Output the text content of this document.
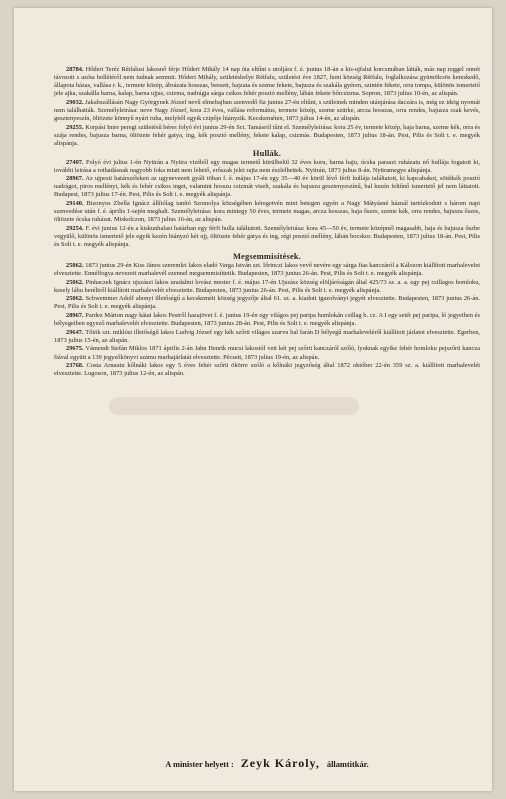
28784. Hőderi Teréz Rétfalusi lakosnő férje Hőderi Mihály 14 nap óta eltűnt s utoljára f. é. junius 18-án a kis-ujfalui korcsmában látták, más nap reggel onnét távozott s azóta hollétéről nem tudnak semmit. Hőderi Mihály, születéshelye Rétfalu, születési éve 1827, honi község Rétfalu, foglalkozása gyümölcsös kereskedő, állapota házas, vallása r. k., termete közép, ábrázata hosszas, beesett, hajzata és szeme fekete, bajusza és szakála gyéren, szintén fekete, orra tompa, különös ismertető jele ajka, szakálla barna, kalap, barna ujjas, csizma, nadrágja sárga csikos fehér posztó mellény, lábán fekete bőrcsizma. Sopron, 1873 julius 10-én, az alispán.

29032. Jakabszállásán Nagy Györgynek József nevű elmebajban szenvedő fia junius 27-én eltűnt, s szüleinek minden utánjárása daczára is, még ez ideig nyomát nem találhatták. Személyleirása: neve Nagy József, kora 23 éves, vallása református, termete közép, szeme szürke, arcza hosszas, orra rendes, bajusza csak kevés, gesztenyeszín, öltözete könnyű nyári ruha, melyből egyik czipője hiányzik. Kecskeméten, 1873 julius 14-én, az alispán.

29255. Korpási Imre peregi születésű béres folyó évi junius 29-én Sct. Tamásról tűnt el. Személyleírása: kora 25 év, termete közép, haja barna, szeme kék, orra és szája rendes, bajusza barna, öltözete fehér gatya, ing, kék posztó mellény, fekete kalap, csizmás. Budapesten, 1873 julius 18-án. Pest, Pilis és Solt t. e. megyék alispánja.

Hullák.

27407. Folyó évi julius 1-én Nyitrán a Nyitra vizéből egy magas termetű körülbelül 32 éves koru, barna haju, ócska paraszt ruházatu nő hullája fogatott ki, további leirása a rothadásnak nagyobb foka miatt nem lehető, erőszak jelei rajta nem észlelhettek. Nyitrán, 1873 julius 8-án. Nyitramegye alispánja.

28967. Az ujpesti határszéleken az ugynevezett gyáli töban f. é. május 17-én egy 35—40 év körül lévő férfi hullája találtatott, ki kapcabakot, sötétkék posztó nadrágot, piros mellényt, kék és fehér csikos inget, valamint hosszu csizmát viselt, szakála és bajusza gesztenyeszínű, bal kezén feltűnő ismertető jel nem láttatott. Budapest, 1873 julius 17-én. Pest, Pilis és Solt t. e. megyék alispánja.

29140. Bizonyos Zbella Ignácz állítólag tanító Szomolya községében kéregetvén mint betegen egyén a Nagy Mátyásné háznál tartózkodott s három napi szenvedése után f. é. április 1-sején meghalt. Személyleirása: kora mintegy 50 éves, termete magas, arcza hosszas, haja őszes, szeme kék, orra rendes, bajusza őszes, öltözete ócska ruházat. Miskolczon, 1873 julius 16-án, az alispán.

29254. F. évi junius 12-én a kiskunhalasi határban egy férfi hulla találtatott. Személyleirása: kora 45—50 év, termete középnél magasabb, haja és bajusza őszbe vegyülő, különös ismertető jele egyik kezén hiányzó két ujj, öltözete fehér gatya és ing, régi posztó mellény, lábán bocskor. Budapesten, 1873 julius 18-án. Pest, Pilis és Solt t. e. megyék alispánja.

Megsemmisítések.

25062. 1873 junius 29-én Kiss János szeremlei lakos eladó Varga István szt. lőrinczi lakos vevő nevére egy sárga fias kanczáról a Kálozon kiállított marhalevelet elvesztette. Ennélfogva nevezett marhalevél ezennel megsemmisíttetik. Budapesten, 1873 junius 26-án. Pest, Pilis és Solt t. e. megyék alispánja.

25062. Pinhaczek Ignácz ujszászi lakos uradalmi lovász mester f. é. május 17-én Ujszász község elöljáróságán által 425/73 sz. a. a. egy pej csillagos homloku, kesely lábu heréltről kiállított marhalevelét elvesztette. Budapesten, 1873 junius 26-án. Pest, Pilis és Solt t. e. megyék alispánja.

25062. Schwemmer Adolf abonyi illetőségű a kecskeméti község jegyzője által 61. sz. a. kiadott igazolványi jegyét elvesztette. Budapesten, 1873 junius 26-án. Pest, Pilis és Solt t. e. megyék alispánja.

28967. Pardez Márton nagy kátai lakos Pestről hazajövet f. é. junius 19-én egy világos pej paripa homlokán csillag b. cz. A I egy setét pej paripa, ló jegyeiben és bélyegeiben egyező marhalevelét elvesztette. Budapesten, 1873 junius 28-án. Pest, Pilis és Solt t. e. megyék alispánja.

29647. Tőtök szt. miklósi illetőségű lakos Ludvig József egy kék szőrü világos szarvu bal farán D bélyegű marhaleveléről kiállított járlatot elvesztette. Egerben, 1873 julius 15-én, az alispán.

29675. Vámendi Stefán Miklos 1871 április 2-án Jahn Henrik mucsi lakostól vett két pej szőrü kanczáról szóló, lyuknak egyike fehér homloku pejszőrü kancza fiával együtt a 139 jegyzőkönyvi számu marhajárlatát elvesztette. Pécsett, 1873 julius 19-én, az alispán.

23768. Costa Arnautu kőlnáki lakos egy 5 éves fehér szőrü ökörre szóló a kőlnáki jegyzőség által 1872 október 22-én 359 sz. a. kiállított marhalevelét elvesztette. Lugoson, 1873 julius 12-én, az alispán.

A minister helyett : Zeyk Károly, államtitkár.
